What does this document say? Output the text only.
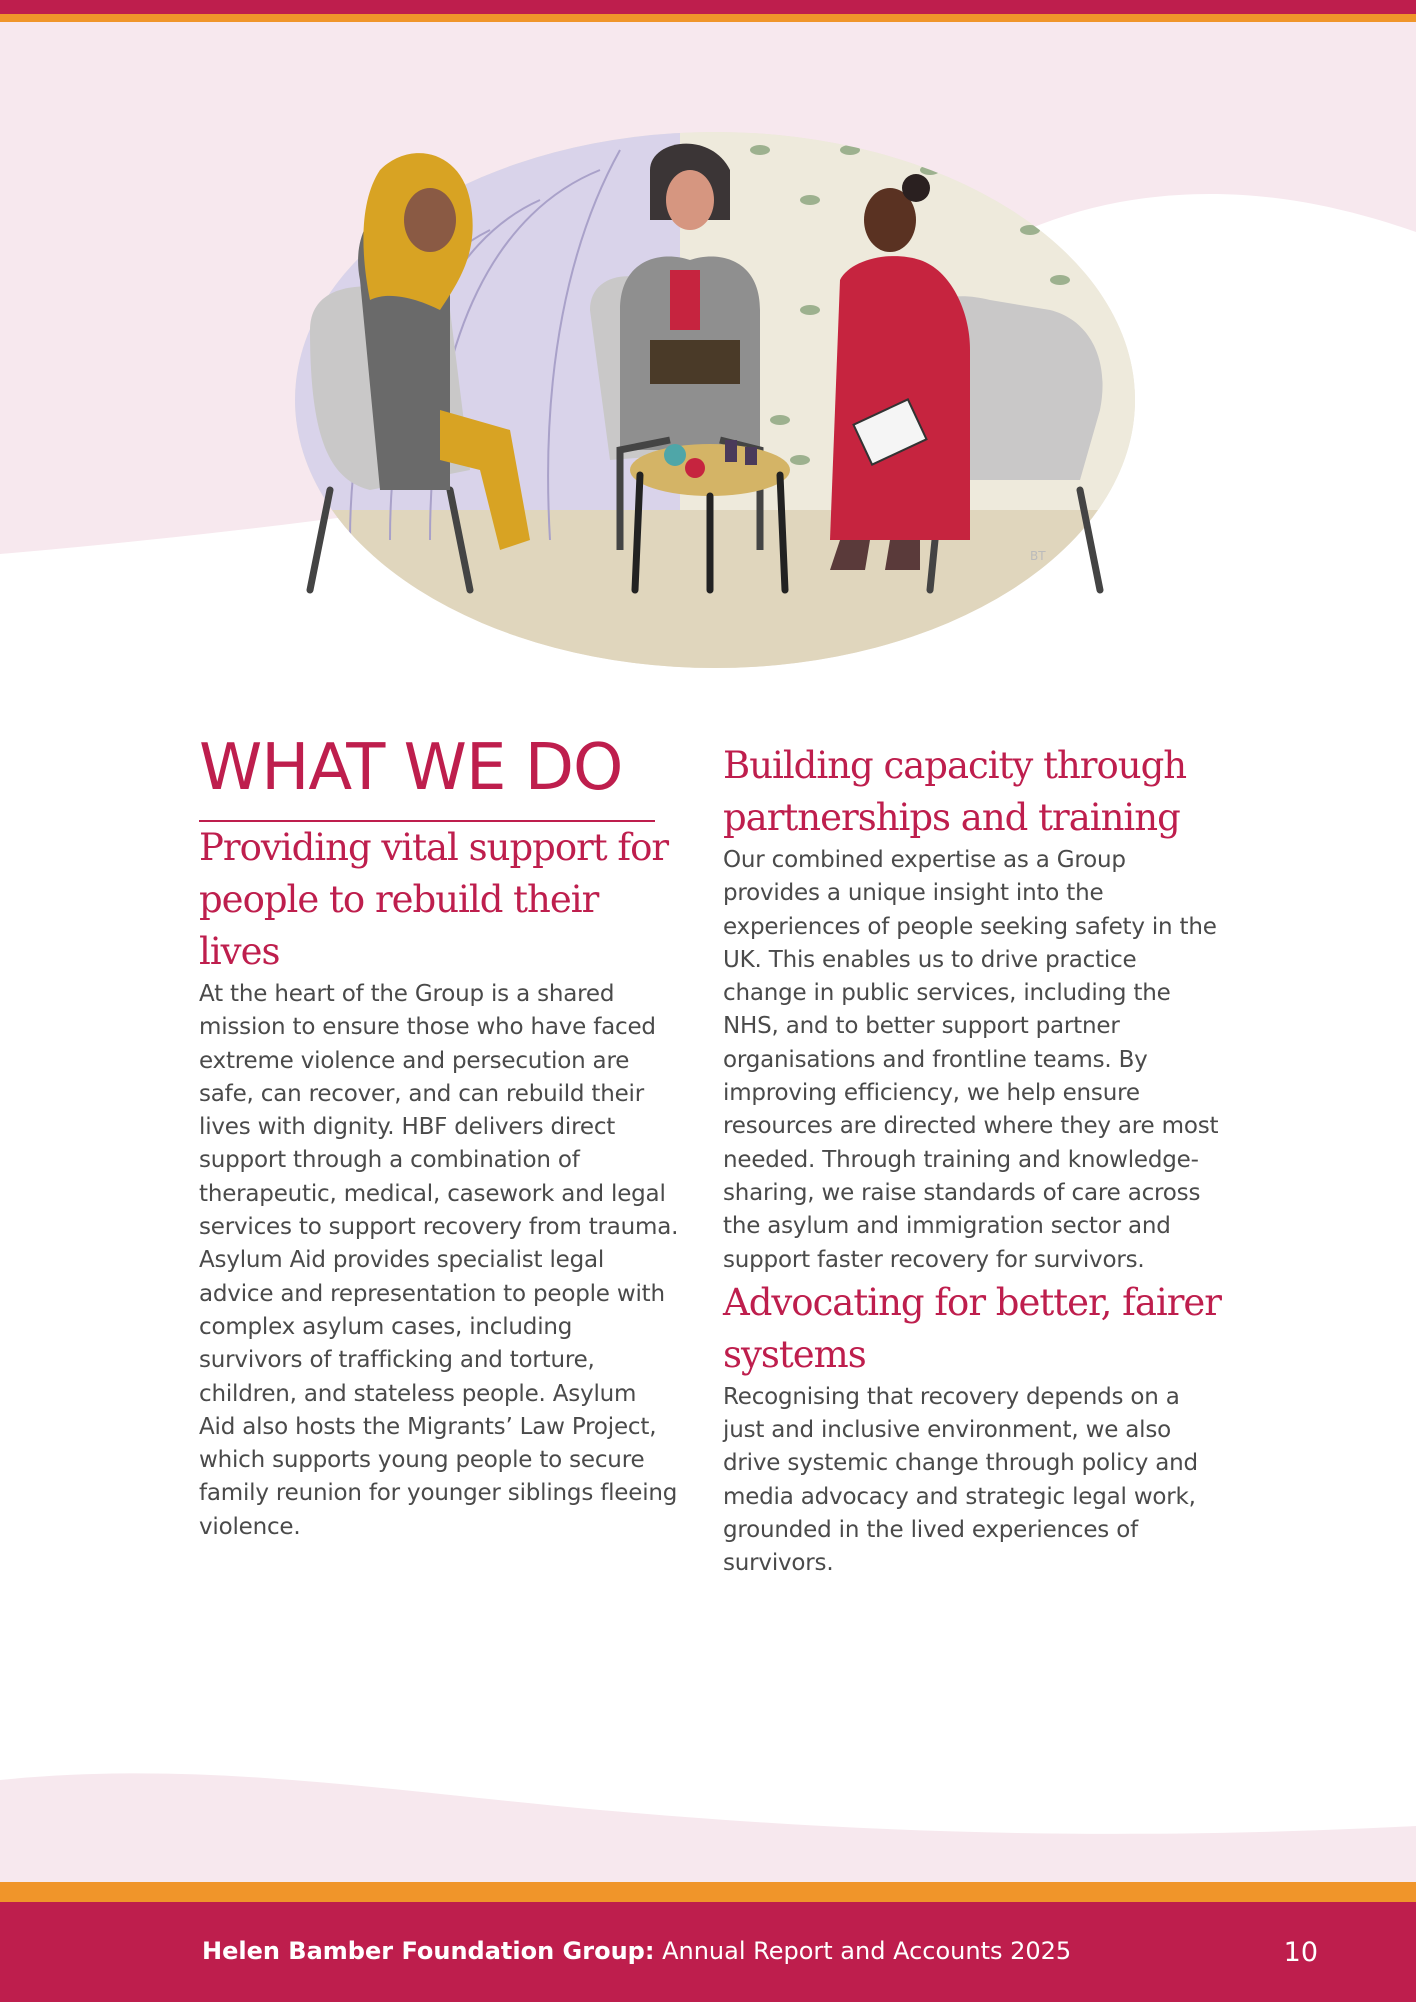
BT
WHAT WE DO
Providing vital support for people to rebuild their lives

At the heart of the Group is a shared mission to ensure those who have faced extreme violence and persecution are safe, can recover, and can rebuild their lives with dignity. HBF delivers direct support through a combination of therapeutic, medical, casework and legal services to support recovery from trauma. Asylum Aid provides specialist legal advice and representation to people with complex asylum cases, including survivors of trafficking and torture, children, and stateless people. Asylum Aid also hosts the Migrants’ Law Project, which supports young people to secure family reunion for younger siblings fleeing violence.

Building capacity through partnerships and training

Our combined expertise as a Group provides a unique insight into the experiences of people seeking safety in the UK. This enables us to drive practice change in public services, including the NHS, and to better support partner organisations and frontline teams. By improving efficiency, we help ensure resources are directed where they are most needed. Through training and knowledge-sharing, we raise standards of care across the asylum and immigration sector and support faster recovery for survivors.

Advocating for better, fairer systems

Recognising that recovery depends on a just and inclusive environment, we also drive systemic change through policy and media advocacy and strategic legal work, grounded in the lived experiences of survivors.

Helen Bamber Foundation Group: Annual Report and Accounts 2025	10
